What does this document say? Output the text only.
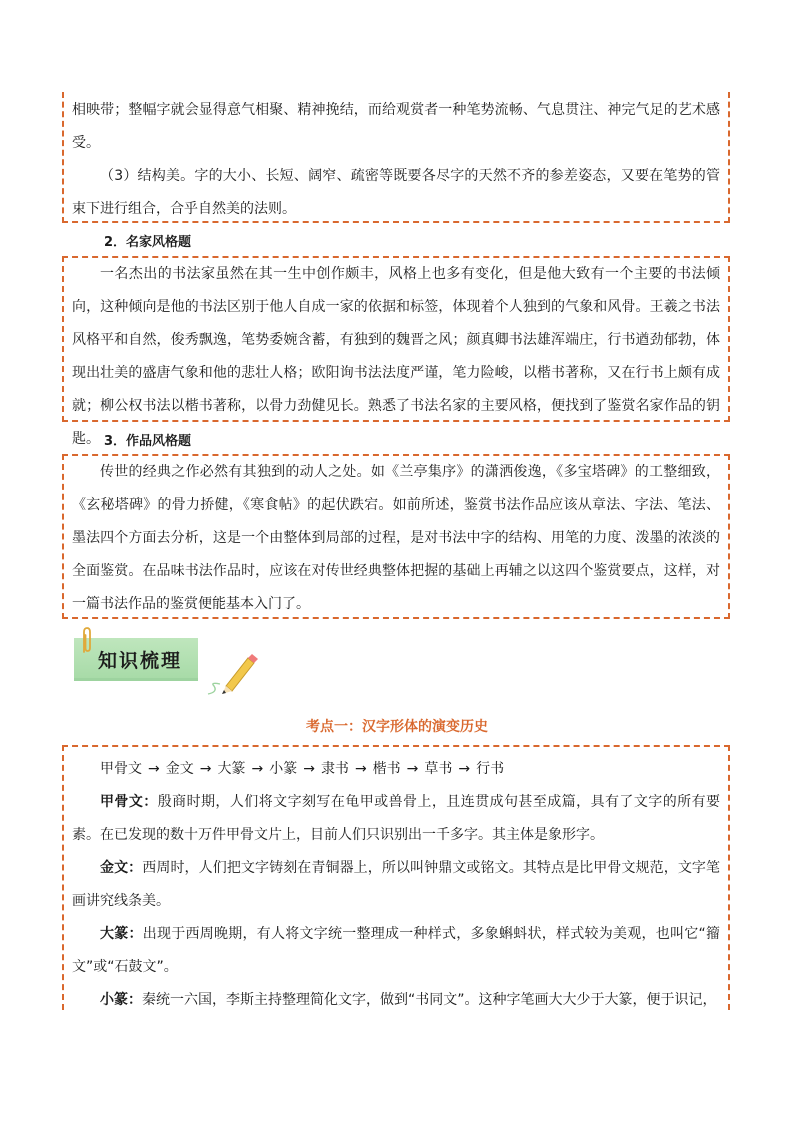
相映带；整幅字就会显得意气相聚、精神挽结，而给观赏者一种笔势流畅、气息贯注、神完气足的艺术感受。

（3）结构美。字的大小、长短、阔窄、疏密等既要各尽字的天然不齐的参差姿态，又要在笔势的管束下进行组合，合乎自然美的法则。

2．名家风格题

一名杰出的书法家虽然在其一生中创作颇丰，风格上也多有变化，但是他大致有一个主要的书法倾向，这种倾向是他的书法区别于他人自成一家的依据和标签，体现着个人独到的气象和风骨。王羲之书法风格平和自然，俊秀飘逸，笔势委婉含蓄，有独到的魏晋之风；颜真卿书法雄浑端庄，行书遒劲郁勃，体现出壮美的盛唐气象和他的悲壮人格；欧阳询书法法度严谨，笔力险峻，以楷书著称，又在行书上颇有成就；柳公权书法以楷书著称，以骨力劲健见长。熟悉了书法名家的主要风格，便找到了鉴赏名家作品的钥匙。 3．作品风格题

传世的经典之作必然有其独到的动人之处。如《兰亭集序》的潇洒俊逸，《多宝塔碑》的工整细致，《玄秘塔碑》的骨力挢健，《寒食帖》的起伏跌宕。如前所述，鉴赏书法作品应该从章法、字法、笔法、墨法四个方面去分析，这是一个由整体到局部的过程，是对书法中字的结构、用笔的力度、泼墨的浓淡的全面鉴赏。在品味书法作品时，应该在对传世经典整体把握的基础上再辅之以这四个鉴赏要点，这样，对一篇书法作品的鉴赏便能基本入门了。

知识梳理
考点一：汉字形体的演变历史

甲骨文 → 金文 → 大篆 → 小篆 → 隶书 → 楷书 → 草书 → 行书

甲骨文：殷商时期，人们将文字刻写在龟甲或兽骨上，且连贯成句甚至成篇，具有了文字的所有要素。在已发现的数十万件甲骨文片上，目前人们只识别出一千多字。其主体是象形字。

金文：西周时，人们把文字铸刻在青铜器上，所以叫钟鼎文或铭文。其特点是比甲骨文规范，文字笔画讲究线条美。

大篆：出现于西周晚期，有人将文字统一整理成一种样式，多象蝌蚪状，样式较为美观，也叫它“籀文”或“石鼓文”。

小篆：秦统一六国，李斯主持整理简化文字，做到“书同文”。这种字笔画大大少于大篆，便于识记，
